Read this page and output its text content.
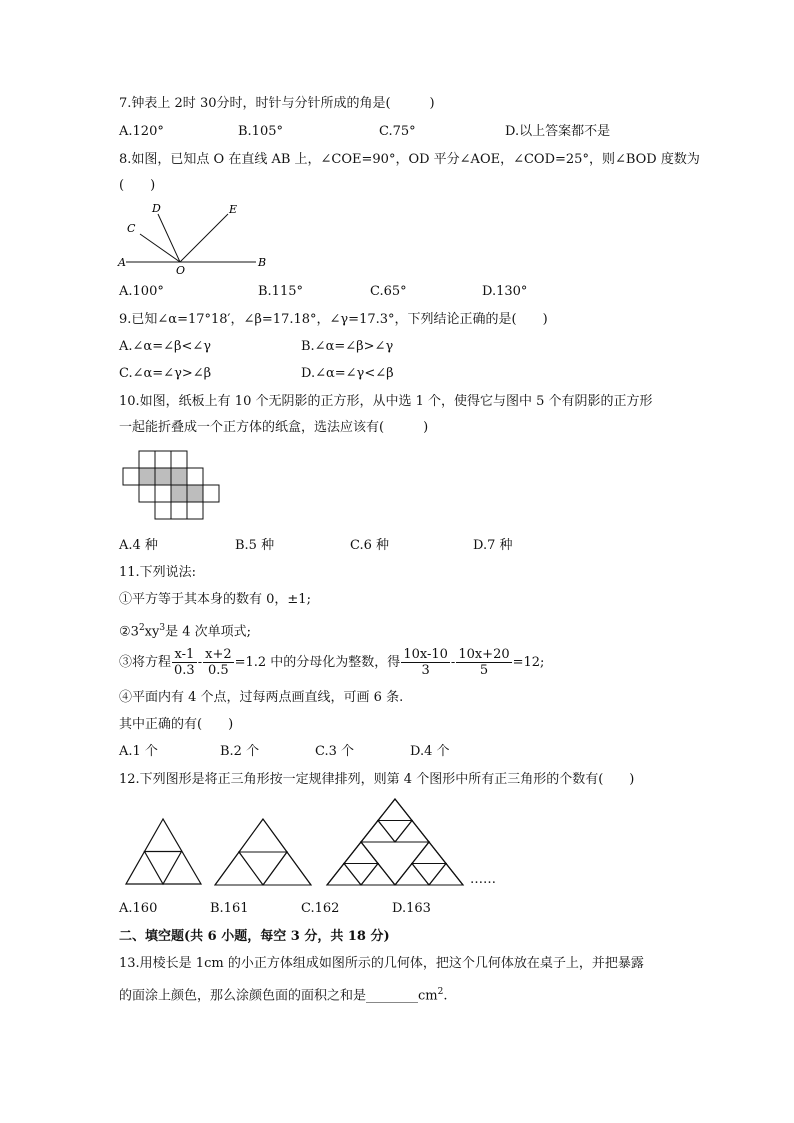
7.钟表上 2时 30分时，时针与分针所成的角是(　　　)
A.120°	B.105°	C.75°	D.以上答案都不是
8.如图，已知点 O 在直线 AB 上，∠COE=90°，OD 平分∠AOE，∠COD=25°，则∠BOD 度数为
(　　)
A	B
C
D	E
O
A.100°	B.115°	C.65°	D.130°
9.已知∠α=17°18′，∠β=17.18°，∠γ=17.3°，下列结论正确的是(　　)
A.∠α=∠β<∠γ	B.∠α=∠β>∠γ
C.∠α=∠γ>∠β	D.∠α=∠γ<∠β
10.如图，纸板上有 10 个无阴影的正方形，从中选 1 个，使得它与图中 5 个有阴影的正方形
一起能折叠成一个正方体的纸盒，选法应该有(　　　)
A.4 种	B.5 种	C.6 种	D.7 种
11.下列说法:
①平方等于其本身的数有 0，±1;
$②3^2xy^3$是 4 次单项式;
③将方程 $\frac{x-1}{0.3} - \frac{x+2}{0.5} =1.2$ 中的分母化为整数，得 $\frac{10x-10}{3} - \frac{10x+20}{5} =12$;
④平面内有 4 个点，过每两点画直线，可画 6 条.
其中正确的有(　　)
A.1 个	B.2 个	C.3 个	D.4 个
12.下列图形是将正三角形按一定规律排列，则第 4 个图形中所有正三角形的个数有(　　)
……
A.160	B.161	C.162	D.163
二、填空题(共 6 小题，每空 3 分，共 18 分)
13.用棱长是 1cm 的小正方体组成如图所示的几何体，把这个几何体放在桌子上，并把暴露
的面涂上颜色，那么涂颜色面的面积之和是$\_\_\_\_\_\_\_\_cm^2$.
